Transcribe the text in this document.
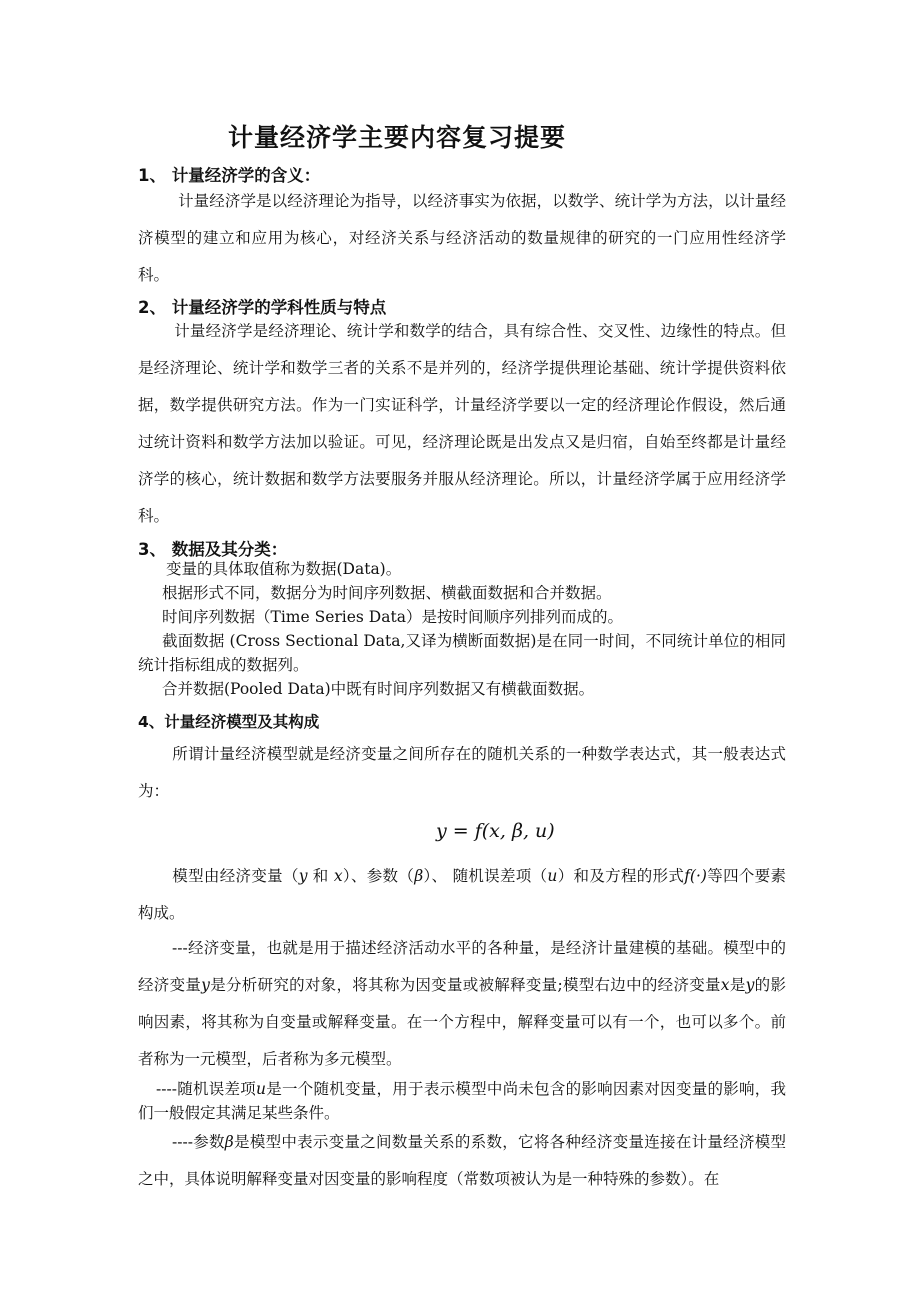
计量经济学主要内容复习提要
1、 计量经济学的含义：
计量经济学是以经济理论为指导，以经济事实为依据，以数学、统计学为方法，以计量经济模型的建立和应用为核心，对经济关系与经济活动的数量规律的研究的一门应用性经济学科。
2、 计量经济学的学科性质与特点
计量经济学是经济理论、统计学和数学的结合，具有综合性、交叉性、边缘性的特点。但是经济理论、统计学和数学三者的关系不是并列的，经济学提供理论基础、统计学提供资料依据，数学提供研究方法。作为一门实证科学，计量经济学要以一定的经济理论作假设，然后通过统计资料和数学方法加以验证。可见，经济理论既是出发点又是归宿，自始至终都是计量经济学的核心，统计数据和数学方法要服务并服从经济理论。所以，计量经济学属于应用经济学科。
3、 数据及其分类：
变量的具体取值称为数据(Data)。
根据形式不同，数据分为时间序列数据、横截面数据和合并数据。
时间序列数据（Time Series Data）是按时间顺序列排列而成的。
截面数据 (Cross Sectional Data,又译为横断面数据)是在同一时间，不同统计单位的相同统计指标组成的数据列。
合并数据(Pooled Data)中既有时间序列数据又有横截面数据。
4、计量经济模型及其构成
所谓计量经济模型就是经济变量之间所存在的随机关系的一种数学表达式，其一般表达式为：
y = f(x, β, u)
模型由经济变量（y 和 x）、参数（β）、 随机误差项（u）和及方程的形式f(·)等四个要素构成。
---经济变量，也就是用于描述经济活动水平的各种量，是经济计量建模的基础。模型中的经济变量y是分析研究的对象，将其称为因变量或被解释变量;模型右边中的经济变量x是y的影响因素，将其称为自变量或解释变量。在一个方程中，解释变量可以有一个，也可以多个。前者称为一元模型，后者称为多元模型。
----随机误差项u是一个随机变量，用于表示模型中尚未包含的影响因素对因变量的影响，我们一般假定其满足某些条件。
----参数β是模型中表示变量之间数量关系的系数，它将各种经济变量连接在计量经济模型之中，具体说明解释变量对因变量的影响程度（常数项被认为是一种特殊的参数）。在
